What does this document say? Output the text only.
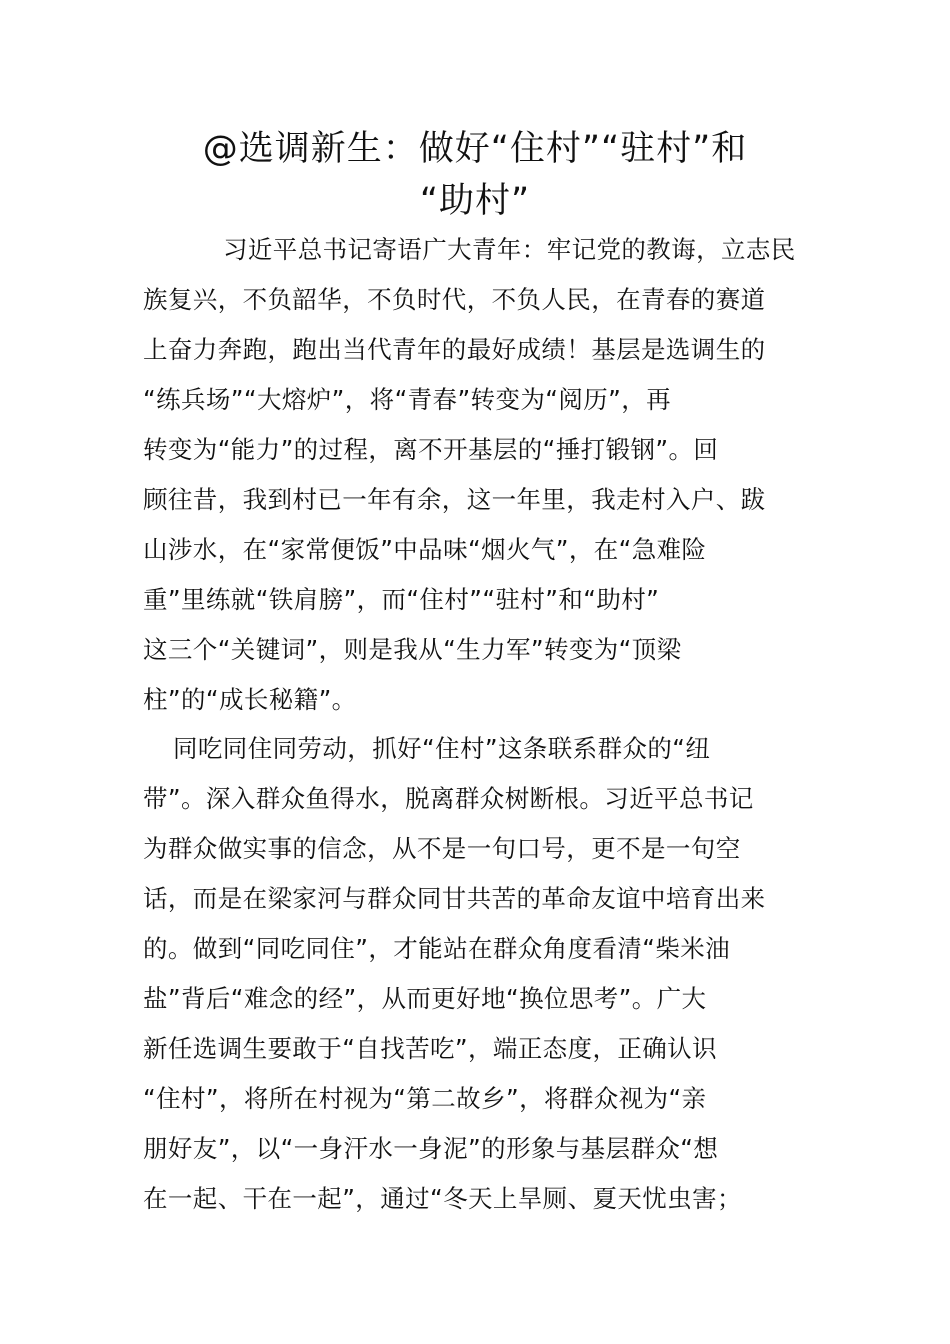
@选调新生：做好“住村”“驻村”和
“助村”
习近平总书记寄语广大青年：牢记党的教诲，立志民
族复兴，不负韶华，不负时代，不负人民，在青春的赛道
上奋力奔跑，跑出当代青年的最好成绩！基层是选调生的
“练兵场”“大熔炉”，将“青春”转变为“阅历”，再
转变为“能力”的过程，离不开基层的“捶打锻钢”。回
顾往昔，我到村已一年有余，这一年里，我走村入户、跋
山涉水，在“家常便饭”中品味“烟火气”，在“急难险
重”里练就“铁肩膀”，而“住村”“驻村”和“助村”
这三个“关键词”，则是我从“生力军”转变为“顶梁
柱”的“成长秘籍”。
同吃同住同劳动，抓好“住村”这条联系群众的“纽
带”。深入群众鱼得水，脱离群众树断根。习近平总书记
为群众做实事的信念，从不是一句口号，更不是一句空
话，而是在梁家河与群众同甘共苦的革命友谊中培育出来
的。做到“同吃同住”，才能站在群众角度看清“柴米油
盐”背后“难念的经”，从而更好地“换位思考”。广大
新任选调生要敢于“自找苦吃”，端正态度，正确认识
“住村”，将所在村视为“第二故乡”，将群众视为“亲
朋好友”，以“一身汗水一身泥”的形象与基层群众“想
在一起、干在一起”，通过“冬天上旱厕、夏天忧虫害；
